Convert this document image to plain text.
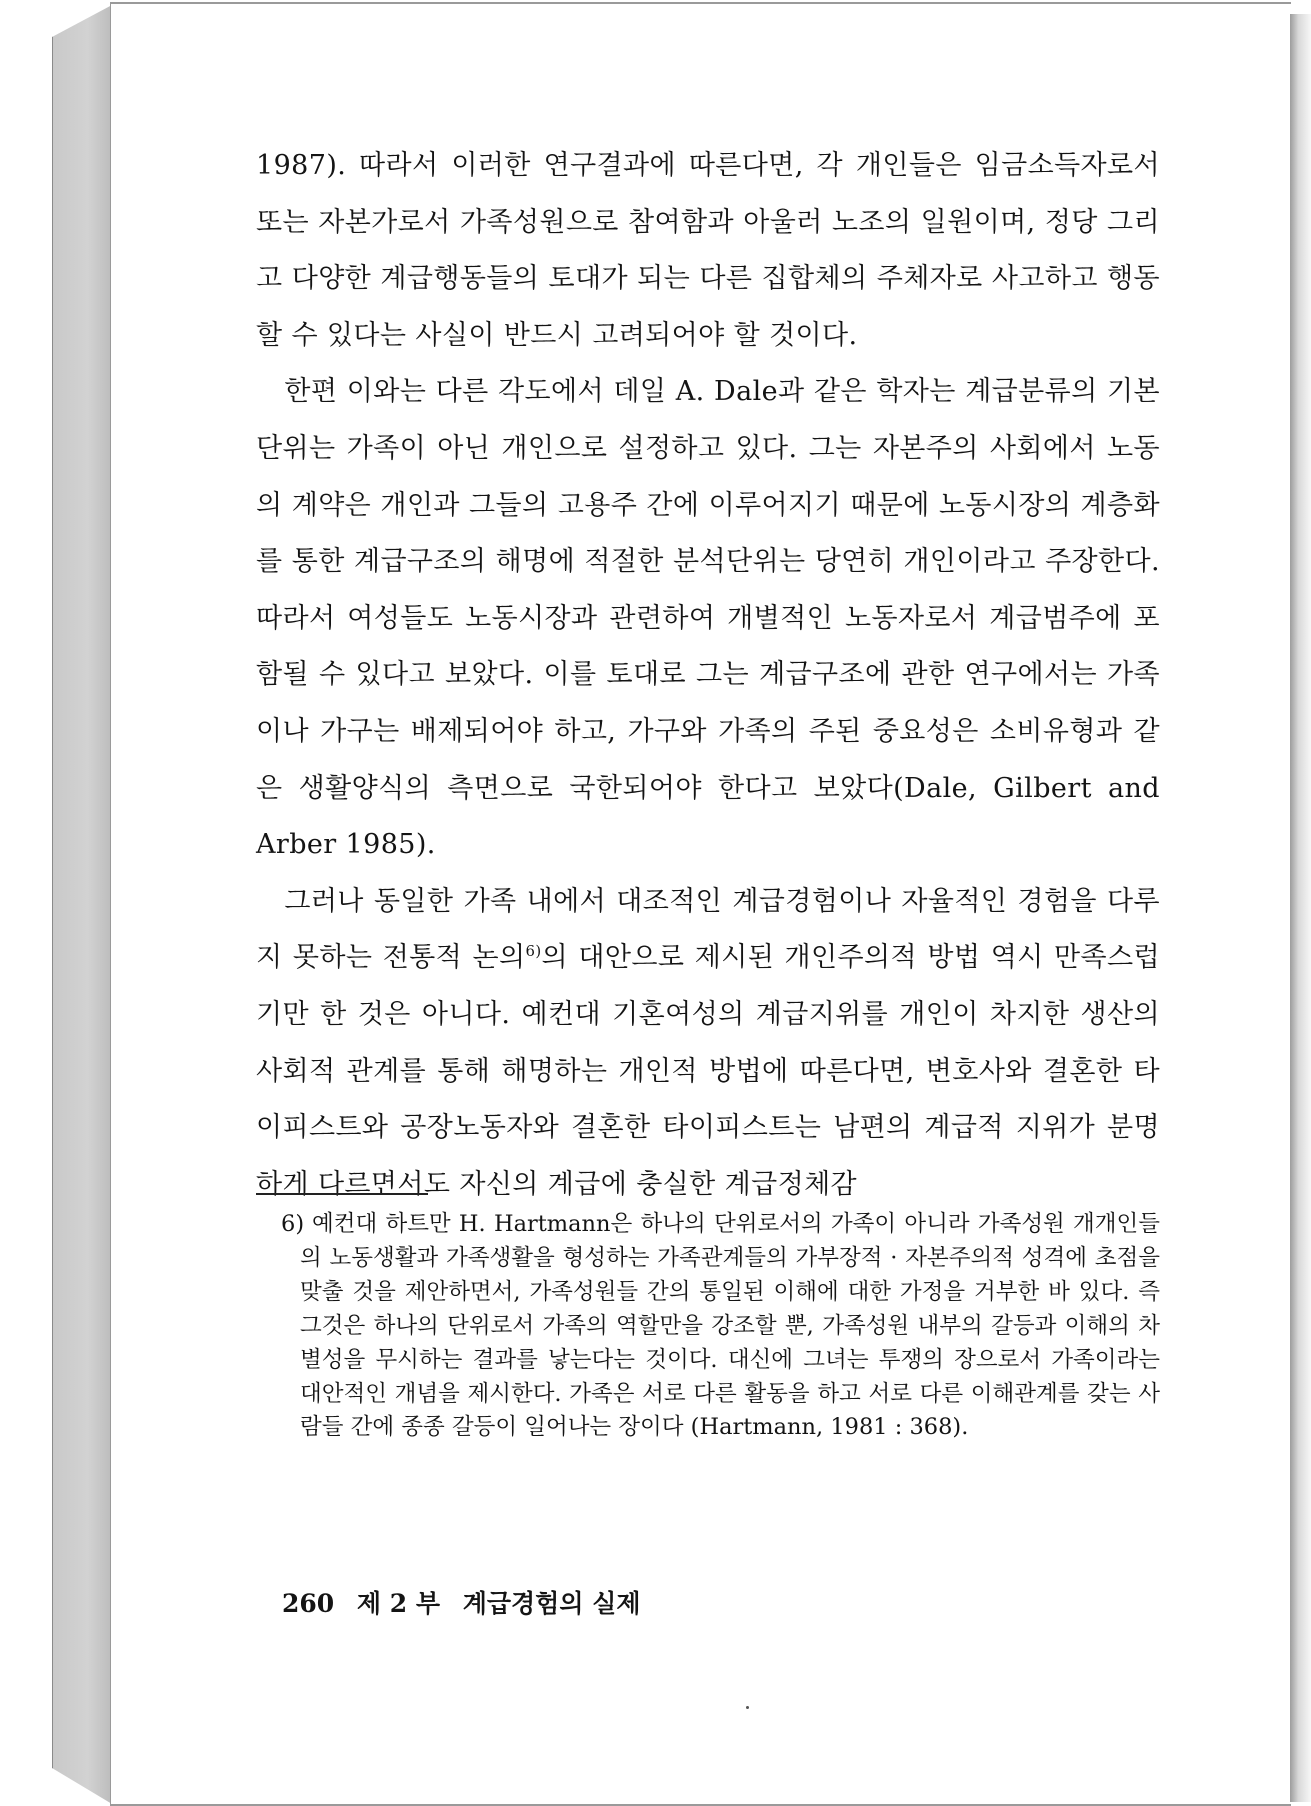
1987). 따라서 이러한 연구결과에 따른다면, 각 개인들은 임금소득자로서 또는 자본가로서 가족성원으로 참여함과 아울러 노조의 일원이며, 정당 그리고 다양한 계급행동들의 토대가 되는 다른 집합체의 주체자로 사고하고 행동할 수 있다는 사실이 반드시 고려되어야 할 것이다.

한편 이와는 다른 각도에서 데일 A. Dale과 같은 학자는 계급분류의 기본 단위는 가족이 아닌 개인으로 설정하고 있다. 그는 자본주의 사회에서 노동의 계약은 개인과 그들의 고용주 간에 이루어지기 때문에 노동시장의 계층화를 통한 계급구조의 해명에 적절한 분석단위는 당연히 개인이라고 주장한다. 따라서 여성들도 노동시장과 관련하여 개별적인 노동자로서 계급범주에 포함될 수 있다고 보았다. 이를 토대로 그는 계급구조에 관한 연구에서는 가족이나 가구는 배제되어야 하고, 가구와 가족의 주된 중요성은 소비유형과 같은 생활양식의 측면으로 국한되어야 한다고 보았다(Dale, Gilbert and Arber 1985).

그러나 동일한 가족 내에서 대조적인 계급경험이나 자율적인 경험을 다루지 못하는 전통적 논의$^{6)}$의 대안으로 제시된 개인주의적 방법 역시 만족스럽기만 한 것은 아니다. 예컨대 기혼여성의 계급지위를 개인이 차지한 생산의 사회적 관계를 통해 해명하는 개인적 방법에 따른다면, 변호사와 결혼한 타이피스트와 공장노동자와 결혼한 타이피스트는 남편의 계급적 지위가 분명하게 다르면서도 자신의 계급에 충실한 계급정체감

6) 예컨대 하트만 H. Hartmann은 하나의 단위로서의 가족이 아니라 가족성원 개개인들의 노동생활과 가족생활을 형성하는 가족관계들의 가부장적 · 자본주의적 성격에 초점을 맞출 것을 제안하면서, 가족성원들 간의 통일된 이해에 대한 가정을 거부한 바 있다. 즉 그것은 하나의 단위로서 가족의 역할만을 강조할 뿐, 가족성원 내부의 갈등과 이해의 차별성을 무시하는 결과를 낳는다는 것이다. 대신에 그녀는 투쟁의 장으로서 가족이라는 대안적인 개념을 제시한다. 가족은 서로 다른 활동을 하고 서로 다른 이해관계를 갖는 사람들 간에 종종 갈등이 일어나는 장이다 (Hartmann, 1981 : 368).
260 제 2 부 계급경험의 실제
